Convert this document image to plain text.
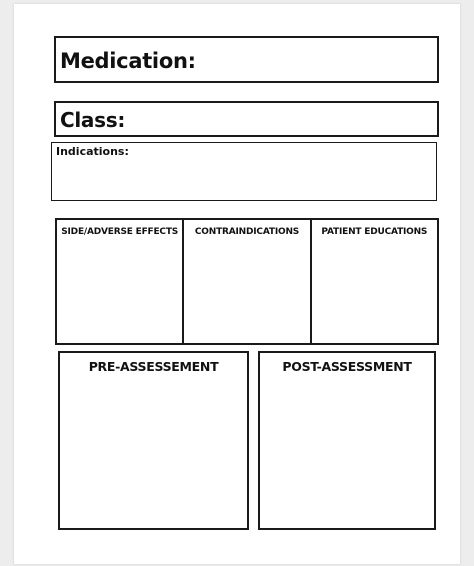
Medication:
Class:
Indications:
SIDE/ADVERSE EFFECTS	CONTRAINDICATIONS	PATIENT EDUCATIONS
PRE-ASSESSEMENT	POST-ASSESSMENT
